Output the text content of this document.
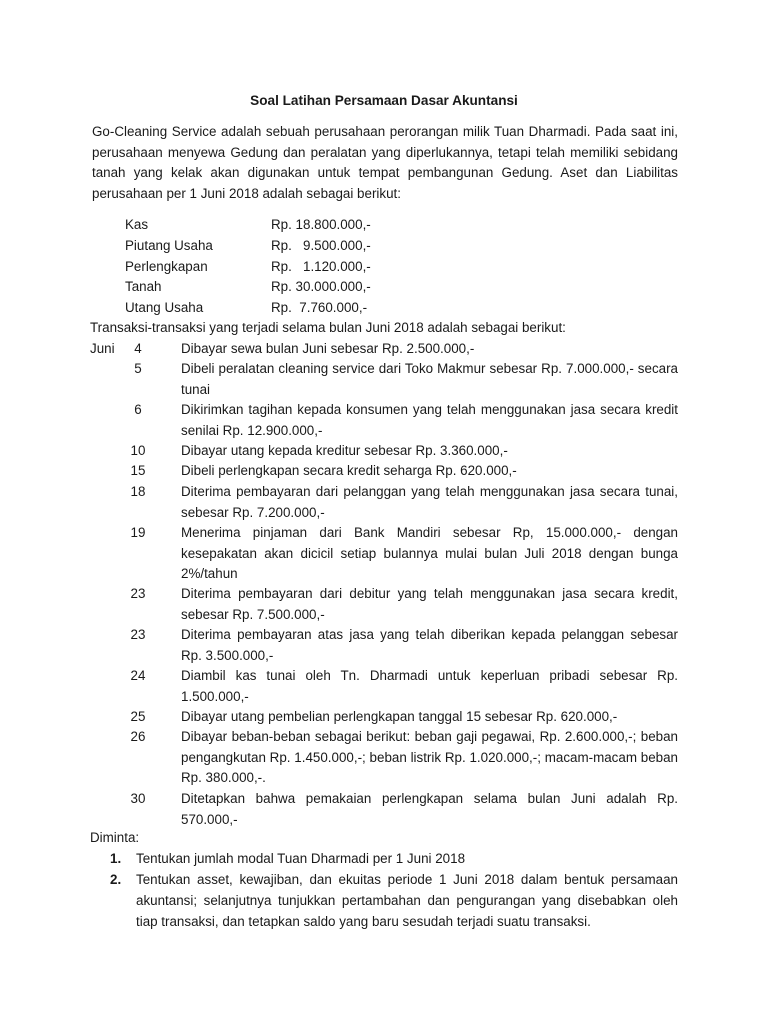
Soal Latihan Persamaan Dasar Akuntansi
Go-Cleaning Service adalah sebuah perusahaan perorangan milik Tuan Dharmadi. Pada saat ini, perusahaan menyewa Gedung dan peralatan yang diperlukannya, tetapi telah memiliki sebidang tanah yang kelak akan digunakan untuk tempat pembangunan Gedung. Aset dan Liabilitas perusahaan per 1 Juni 2018 adalah sebagai berikut:
Kas	Rp. 18.800.000,-
Piutang Usaha	Rp.   9.500.000,-
Perlengkapan	Rp.   1.120.000,-
Tanah	Rp. 30.000.000,-
Utang Usaha	Rp.  7.760.000,-
Transaksi-transaksi yang terjadi selama bulan Juni 2018 adalah sebagai berikut:
Juni	4	Dibayar sewa bulan Juni sebesar Rp. 2.500.000,-
5	Dibeli peralatan cleaning service dari Toko Makmur sebesar Rp. 7.000.000,- secara tunai
6	Dikirimkan tagihan kepada konsumen yang telah menggunakan jasa secara kredit senilai Rp. 12.900.000,-
10	Dibayar utang kepada kreditur sebesar Rp. 3.360.000,-
15	Dibeli perlengkapan secara kredit seharga Rp. 620.000,-
18	Diterima pembayaran dari pelanggan yang telah menggunakan jasa secara tunai, sebesar Rp. 7.200.000,-
19	Menerima pinjaman dari Bank Mandiri sebesar Rp, 15.000.000,- dengan kesepakatan akan dicicil setiap bulannya mulai bulan Juli 2018 dengan bunga 2%/tahun
23	Diterima pembayaran dari debitur yang telah menggunakan jasa secara kredit, sebesar Rp. 7.500.000,-
23	Diterima pembayaran atas jasa yang telah diberikan kepada pelanggan sebesar Rp. 3.500.000,-
24	Diambil kas tunai oleh Tn. Dharmadi untuk keperluan pribadi sebesar Rp. 1.500.000,-
25	Dibayar utang pembelian perlengkapan tanggal 15 sebesar Rp. 620.000,-
26	Dibayar beban-beban sebagai berikut: beban gaji pegawai, Rp. 2.600.000,-; beban pengangkutan Rp. 1.450.000,-; beban listrik Rp. 1.020.000,-; macam-macam beban Rp. 380.000,-.
30	Ditetapkan bahwa pemakaian perlengkapan selama bulan Juni adalah Rp. 570.000,-
Diminta:
1. Tentukan jumlah modal Tuan Dharmadi per 1 Juni 2018
2. Tentukan asset, kewajiban, dan ekuitas periode 1 Juni 2018 dalam bentuk persamaan akuntansi; selanjutnya tunjukkan pertambahan dan pengurangan yang disebabkan oleh tiap transaksi, dan tetapkan saldo yang baru sesudah terjadi suatu transaksi.
